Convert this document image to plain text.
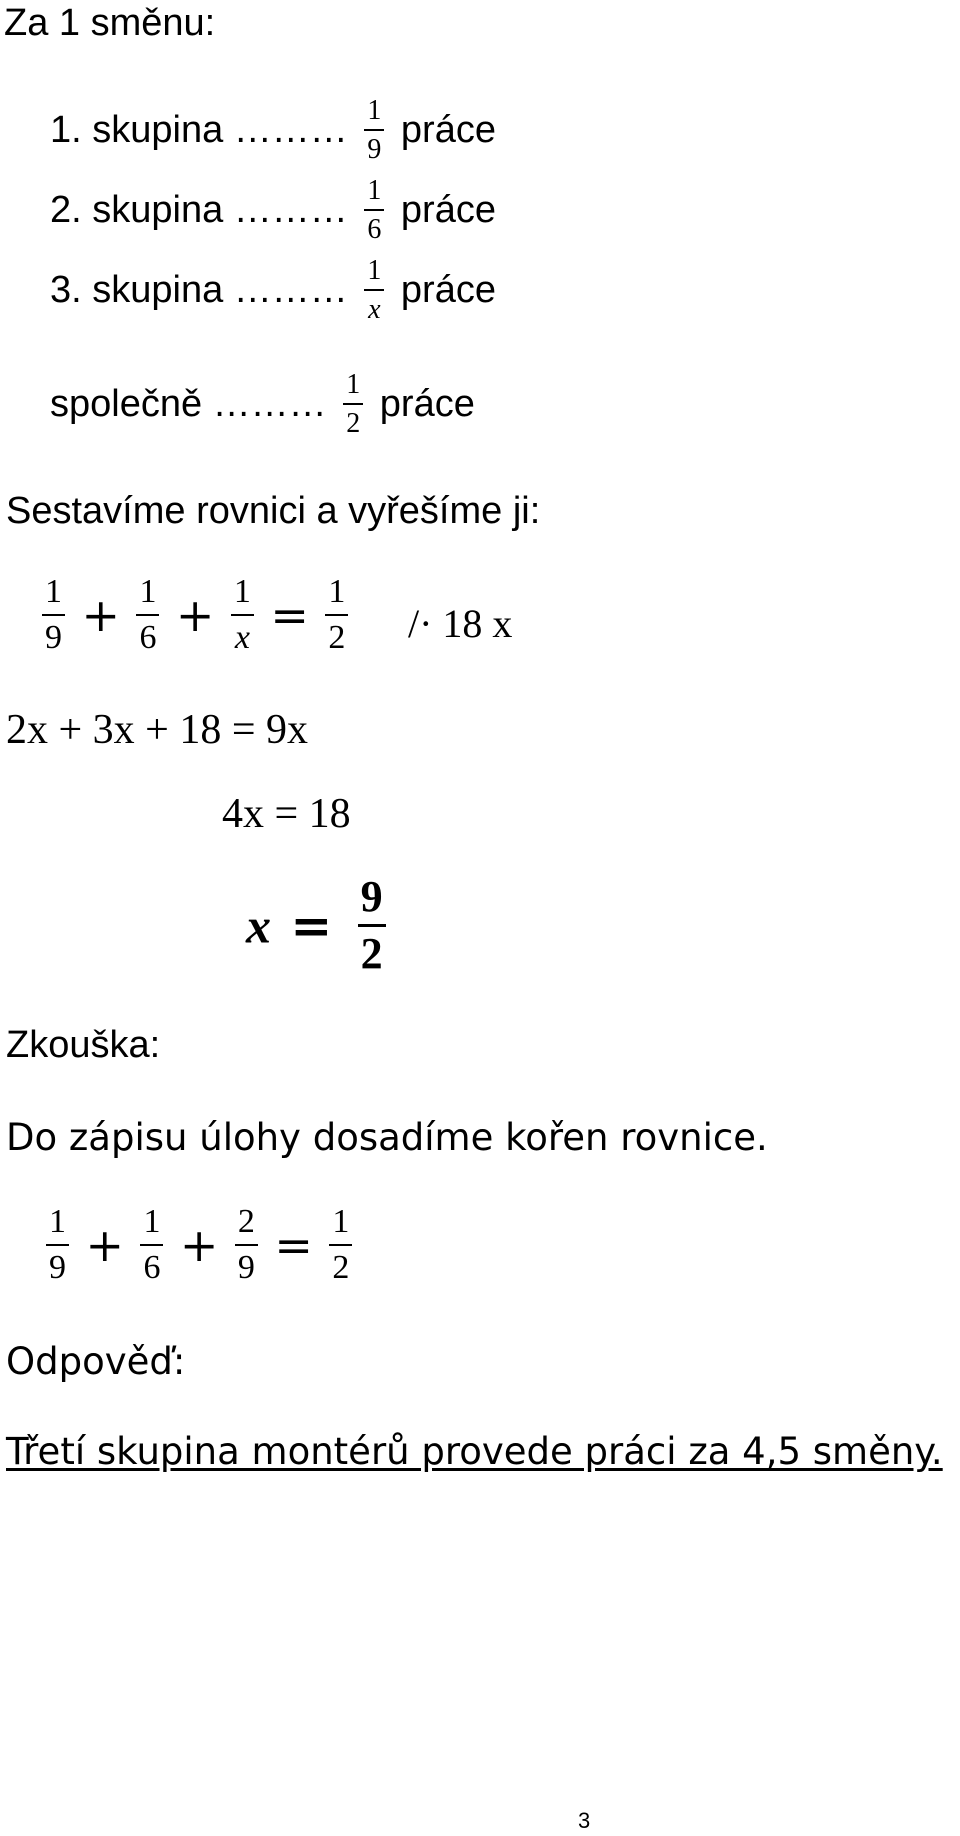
Za 1 směnu:
1. skupina ……… $\frac{1}{9}$ práce
2. skupina ……… $\frac{1}{6}$ práce
3. skupina ……… $\frac{1}{x}$ práce
společně ……… $\frac{1}{2}$ práce
Sestavíme rovnici a vyřešíme ji:
$\frac{1}{9} + \frac{1}{6} + \frac{1}{x} = \frac{1}{2} /\cdot 18$ x
2x + 3x + 18 = 9x
4x = 18
$x = \frac{9}{2}$
Zkouška:
Do zápisu úlohy dosadíme kořen rovnice.
$\frac{1}{9} + \frac{1}{6} + \frac{2}{9} = \frac{1}{2}$
Odpověď:
Třetí skupina montérů provede práci za 4,5 směny.
3
